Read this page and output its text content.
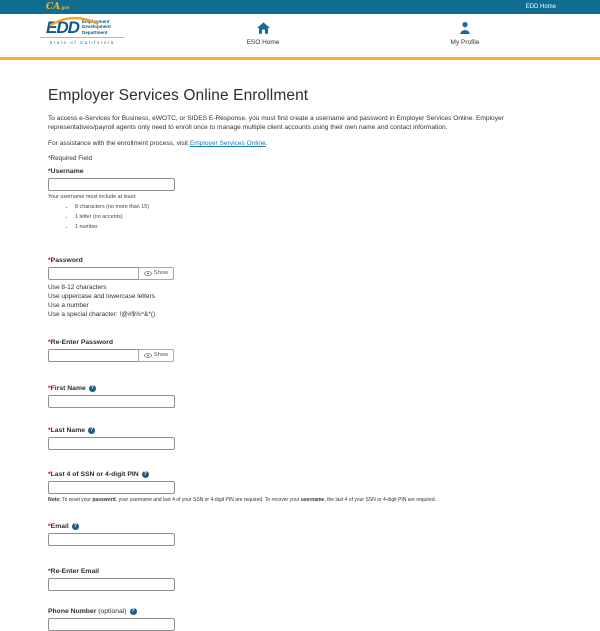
CA.gov	EDD Home
EDD Employment
Development
Department
State of California	ESO Home	My Profile
Employer Services Online Enrollment

To access e-Services for Business, eWOTC, or SIDES E-Response, you must first create a username and password in Employer Services Online. Employer representatives/payroll agents only need to enroll once to manage multiple client accounts using their own name and contact information.

For assistance with the enrollment process, visit Employer Services Online.

*Required Field

*Username

Your username must include at least:

• 8 characters (no more than 15)
• 1 letter (no accents)
• 1 number
*Password
Show

Use 8-12 characters

Use uppercase and lowercase letters

Use a number

Use a special character: !@#$%^&*()

*Re-Enter Password
Show
*First Name ?
*Last Name ?
*Last 4 of SSN or 4-digit PIN ?

Note: To reset your password, your username and last 4 of your SSN or 4-digit PIN are required. To recover your username, the last 4 of your SSN or 4-digit PIN are required.

*Email ?
*Re-Enter Email
Phone Number (optional) ?
